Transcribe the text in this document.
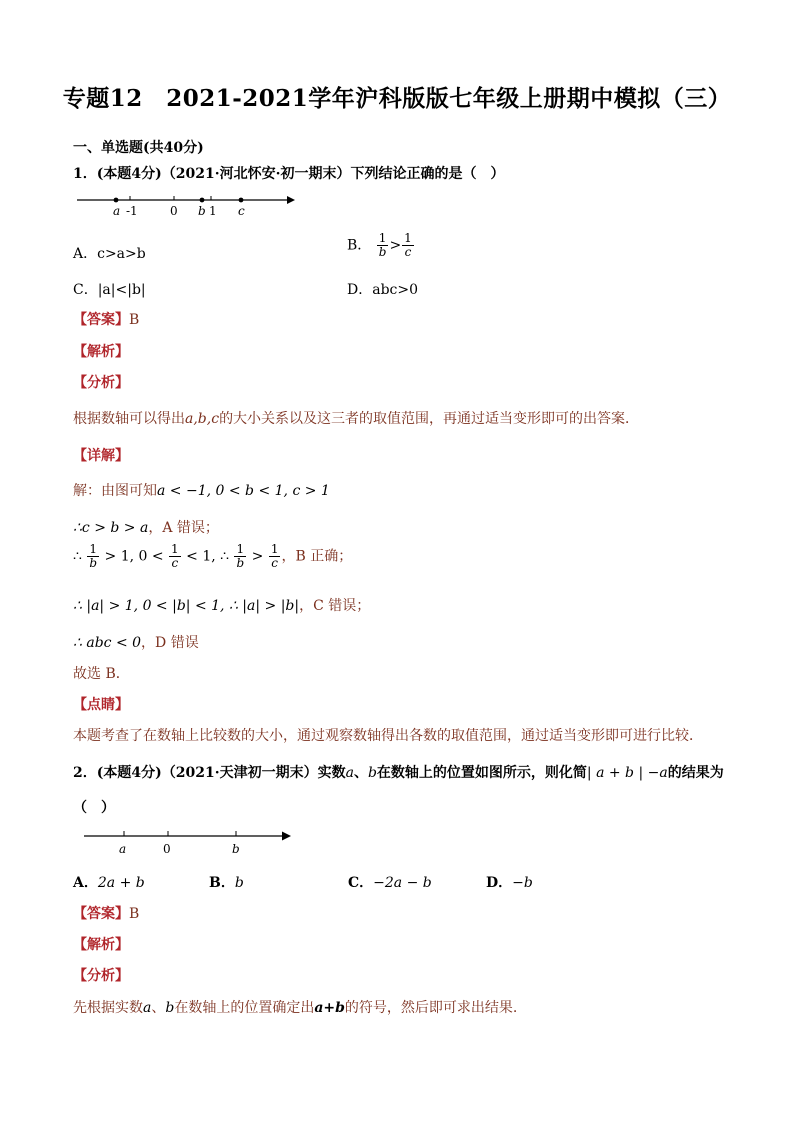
专题12　2021-2021学年沪科版版七年级上册期中模拟（三）
一、单选题(共40分)
1．(本题4分)（2021·河北怀安·初一期末）下列结论正确的是（　）
a -1	0 b 1 c
A．c>a>b
B． $\frac{1}{b} > \frac{1}{c}$
C．|a|<|b|	D．abc>0
【答案】B
【解析】
【分析】
根据数轴可以得出a,b,c的大小关系以及这三者的取值范围，再通过适当变形即可的出答案．
【详解】
解：由图可知a < −1, 0 < b < 1, c > 1
∴c > b > a，A 错误；
∴ $\frac{1}{b} > 1$, $0 < \frac{1}{c} < 1$, ∴ $\frac{1}{b} > \frac{1}{c}$ ，B 正确；
∴ |a| > 1, 0 < |b| < 1, ∴ |a| > |b|，C 错误；
∴ abc < 0，D 错误
故选 B．
【点睛】
本题考查了在数轴上比较数的大小，通过观察数轴得出各数的取值范围，通过适当变形即可进行比较．
2．(本题4分)（2021·天津初一期末）实数a、b在数轴上的位置如图所示，则化简| a + b | −a的结果为
（　）
a	0	b
A．2a + b	B．b	C．−2a − b	D．−b
【答案】B
【解析】
【分析】
先根据实数a、b在数轴上的位置确定出a+b的符号，然后即可求出结果.
